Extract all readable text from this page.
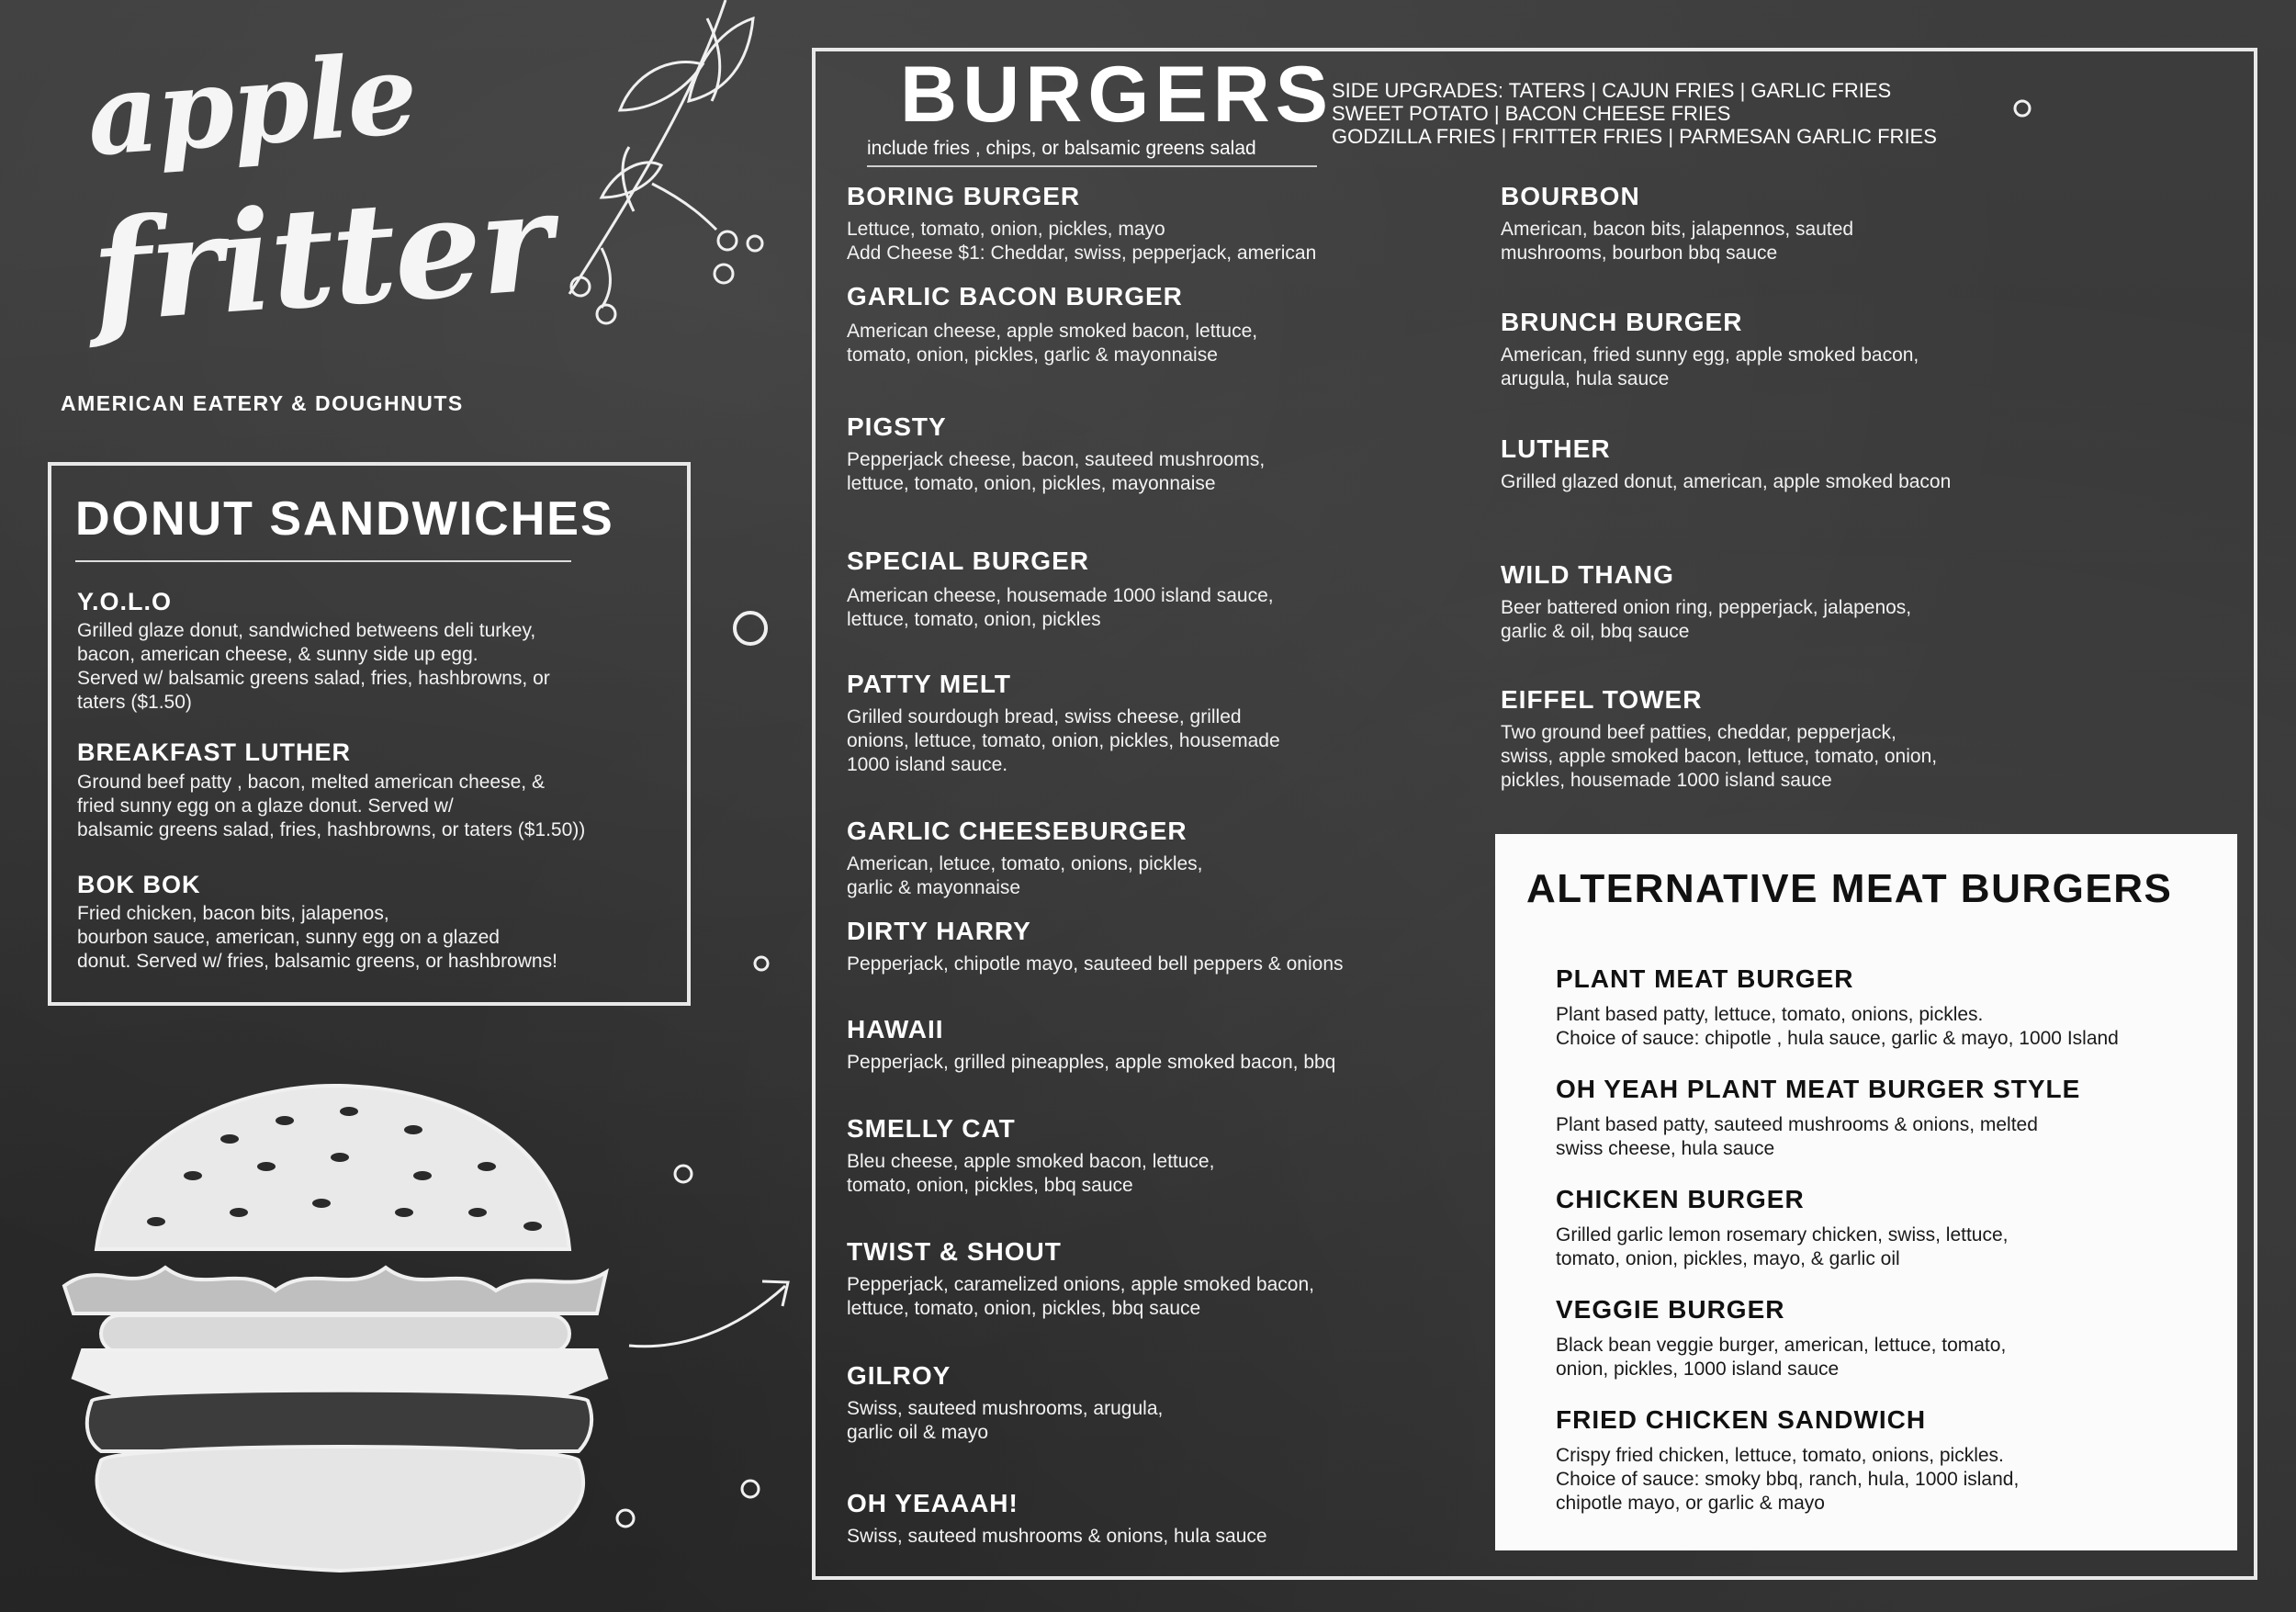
apple
fritter
AMERICAN EATERY & DOUGHNUTS
DONUT SANDWICHES
Y.O.L.O
Grilled glaze donut, sandwiched betweens deli turkey,
bacon, american cheese, & sunny side up egg.
Served w/ balsamic greens salad, fries, hashbrowns, or
taters ($1.50)
BREAKFAST LUTHER
Ground beef patty , bacon, melted american cheese, &
fried sunny egg on a glaze donut. Served w/
balsamic greens salad, fries, hashbrowns, or taters ($1.50))
BOK BOK
Fried chicken, bacon bits, jalapenos,
bourbon sauce, american, sunny egg on a glazed
donut. Served w/ fries, balsamic greens, or hashbrowns!
BURGERS
include fries , chips, or balsamic greens salad
SIDE UPGRADES: TATERS | CAJUN FRIES | GARLIC FRIES
SWEET POTATO | BACON CHEESE FRIES
GODZILLA FRIES | FRITTER FRIES | PARMESAN GARLIC FRIES
BORING BURGER
Lettuce, tomato, onion, pickles, mayo
Add Cheese $1: Cheddar, swiss, pepperjack, american
GARLIC BACON BURGER
American cheese, apple smoked bacon, lettuce,
tomato, onion, pickles, garlic & mayonnaise
PIGSTY
Pepperjack cheese, bacon, sauteed mushrooms,
lettuce, tomato, onion, pickles, mayonnaise
SPECIAL BURGER
American cheese, housemade 1000 island sauce,
lettuce, tomato, onion, pickles
PATTY MELT
Grilled sourdough bread, swiss cheese, grilled
onions, lettuce, tomato, onion, pickles, housemade
1000 island sauce.
GARLIC CHEESEBURGER
American, letuce, tomato, onions, pickles,
garlic & mayonnaise
DIRTY HARRY
Pepperjack, chipotle mayo, sauteed bell peppers & onions
HAWAII
Pepperjack, grilled pineapples, apple smoked bacon, bbq
SMELLY CAT
Bleu cheese, apple smoked bacon, lettuce,
tomato, onion, pickles, bbq sauce
TWIST & SHOUT
Pepperjack, caramelized onions, apple smoked bacon,
lettuce, tomato, onion, pickles, bbq sauce
GILROY
Swiss, sauteed mushrooms, arugula,
garlic oil & mayo
OH YEAAAH!
Swiss, sauteed mushrooms & onions, hula sauce
BOURBON
American, bacon bits, jalapennos, sauted
mushrooms, bourbon bbq sauce
BRUNCH BURGER
American, fried sunny egg, apple smoked bacon,
arugula, hula sauce
LUTHER
Grilled glazed donut, american, apple smoked bacon
WILD THANG
Beer battered onion ring, pepperjack, jalapenos,
garlic & oil, bbq sauce
EIFFEL TOWER
Two ground beef patties, cheddar, pepperjack,
swiss, apple smoked bacon, lettuce, tomato, onion,
pickles, housemade 1000 island sauce
ALTERNATIVE MEAT BURGERS
PLANT MEAT BURGER
Plant based patty, lettuce, tomato, onions, pickles.
Choice of sauce: chipotle , hula sauce, garlic & mayo, 1000 Island
OH YEAH PLANT MEAT BURGER STYLE
Plant based patty, sauteed mushrooms & onions, melted
swiss cheese, hula sauce
CHICKEN BURGER
Grilled garlic lemon rosemary chicken, swiss, lettuce,
tomato, onion, pickles, mayo, & garlic oil
VEGGIE BURGER
Black bean veggie burger, american, lettuce, tomato,
onion, pickles, 1000 island sauce
FRIED CHICKEN SANDWICH
Crispy fried chicken, lettuce, tomato, onions, pickles.
Choice of sauce: smoky bbq, ranch, hula, 1000 island,
chipotle mayo, or garlic & mayo
